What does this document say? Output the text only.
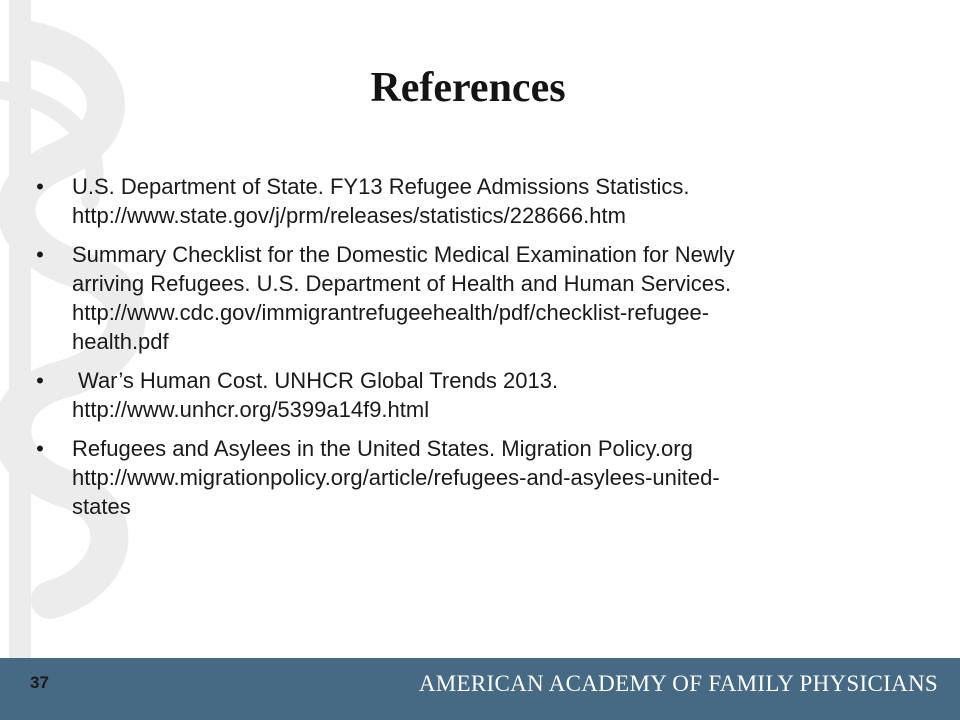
References
• U.S. Department of State. FY13 Refugee Admissions Statistics.
http://www.state.gov/j/prm/releases/statistics/228666.htm
• Summary Checklist for the Domestic Medical Examination for Newly
arriving Refugees. U.S. Department of Health and Human Services.
http://www.cdc.gov/immigrantrefugeehealth/pdf/checklist-refugee-
health.pdf
• War’s Human Cost. UNHCR Global Trends 2013.
http://www.unhcr.org/5399a14f9.html
• Refugees and Asylees in the United States. Migration Policy.org
http://www.migrationpolicy.org/article/refugees-and-asylees-united-
states
37	AMERICAN ACADEMY OF FAMILY PHYSICIANS
